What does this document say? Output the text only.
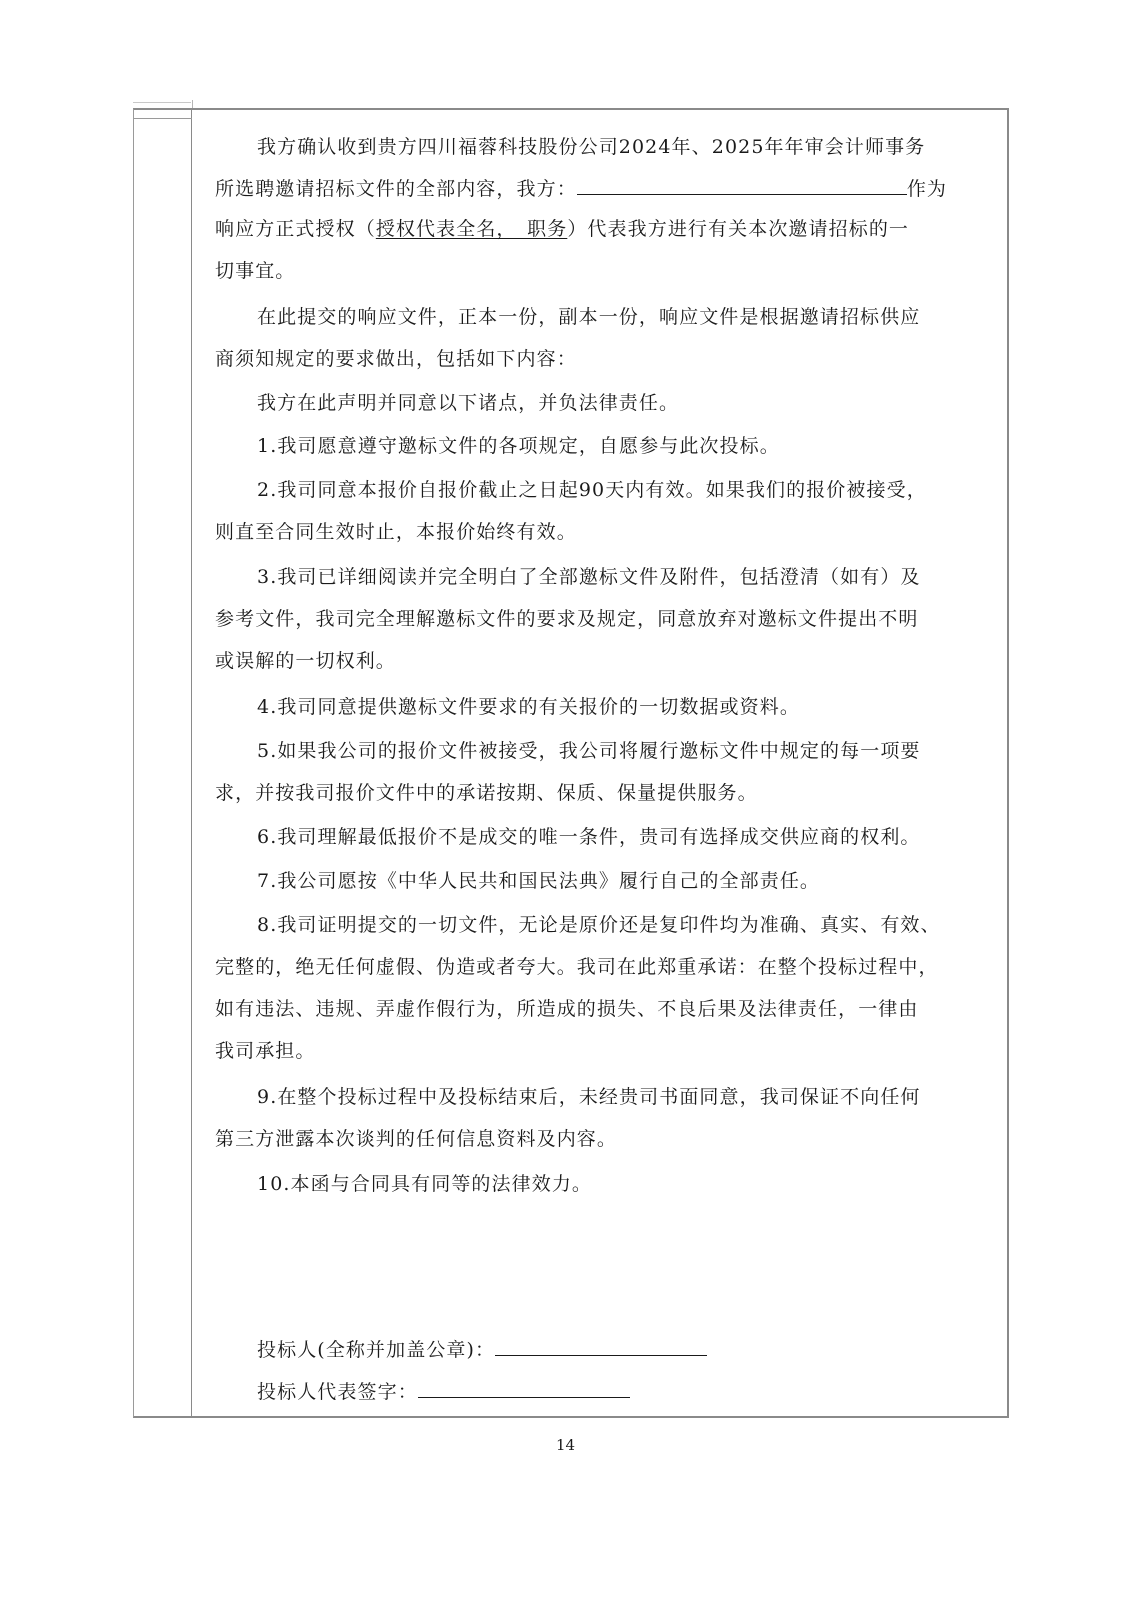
我方确认收到贵方四川福蓉科技股份公司2024年、2025年年审会计师事务
所选聘邀请招标文件的全部内容，我方：	作为
响应方正式授权（授权代表全名，　职务）代表我方进行有关本次邀请招标的一
切事宜。
在此提交的响应文件，正本一份，副本一份，响应文件是根据邀请招标供应
商须知规定的要求做出，包括如下内容：
我方在此声明并同意以下诸点，并负法律责任。
1.我司愿意遵守邀标文件的各项规定，自愿参与此次投标。
2.我司同意本报价自报价截止之日起90天内有效。如果我们的报价被接受，
则直至合同生效时止，本报价始终有效。
3.我司已详细阅读并完全明白了全部邀标文件及附件，包括澄清（如有）及
参考文件，我司完全理解邀标文件的要求及规定，同意放弃对邀标文件提出不明
或误解的一切权利。
4.我司同意提供邀标文件要求的有关报价的一切数据或资料。
5.如果我公司的报价文件被接受，我公司将履行邀标文件中规定的每一项要
求，并按我司报价文件中的承诺按期、保质、保量提供服务。
6.我司理解最低报价不是成交的唯一条件，贵司有选择成交供应商的权利。
7.我公司愿按《中华人民共和国民法典》履行自己的全部责任。
8.我司证明提交的一切文件，无论是原价还是复印件均为准确、真实、有效、
完整的，绝无任何虚假、伪造或者夸大。我司在此郑重承诺：在整个投标过程中，
如有违法、违规、弄虚作假行为，所造成的损失、不良后果及法律责任，一律由
我司承担。
9.在整个投标过程中及投标结束后，未经贵司书面同意，我司保证不向任何
第三方泄露本次谈判的任何信息资料及内容。
10.本函与合同具有同等的法律效力。
投标人(全称并加盖公章)：
投标人代表签字：
14
